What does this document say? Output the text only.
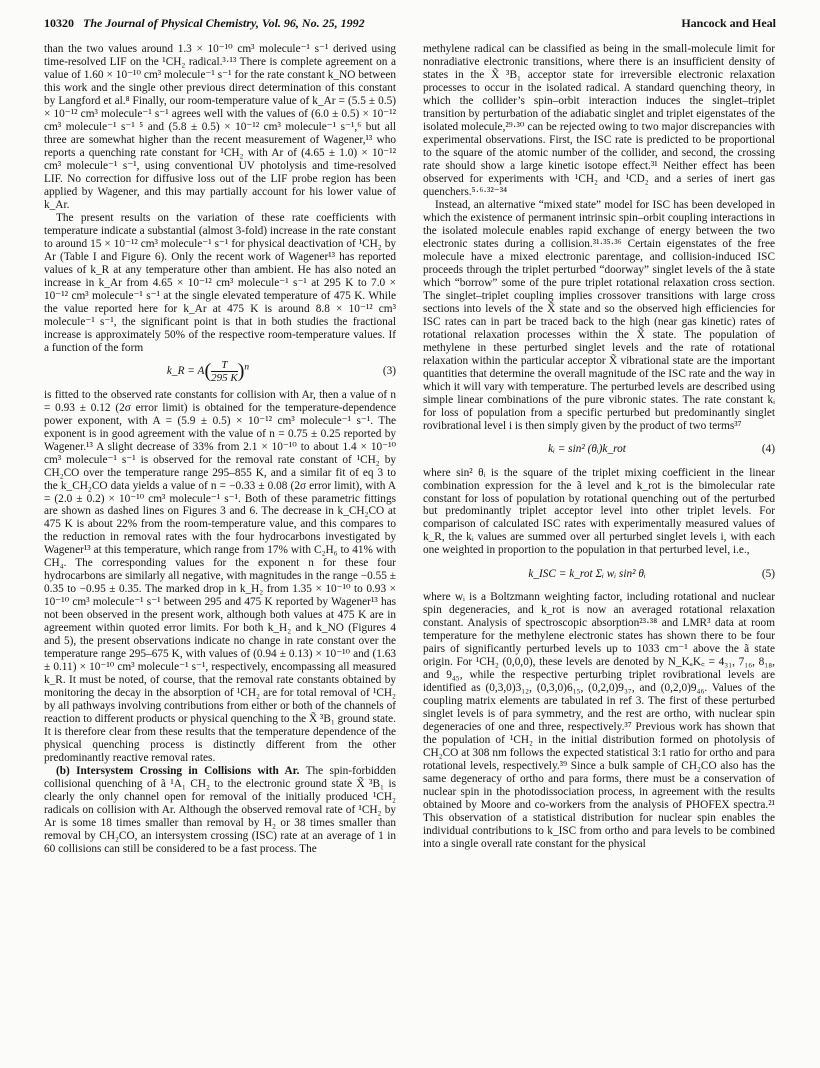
10320 The Journal of Physical Chemistry, Vol. 96, No. 25, 1992	Hancock and Heal

than the two values around 1.3 × 10⁻¹⁰ cm³ molecule⁻¹ s⁻¹ derived using time-resolved LIF on the ¹CH₂ radical.³·¹³ There is complete agreement on a value of 1.60 × 10⁻¹⁰ cm³ molecule⁻¹ s⁻¹ for the rate constant k_NO between this work and the single other previous direct determination of this constant by Langford et al.⁸ Finally, our room-temperature value of k_Ar = (5.5 ± 0.5) × 10⁻¹² cm³ molecule⁻¹ s⁻¹ agrees well with the values of (6.0 ± 0.5) × 10⁻¹² cm³ molecule⁻¹ s⁻¹ ⁵ and (5.8 ± 0.5) × 10⁻¹² cm³ molecule⁻¹ s⁻¹,⁶ but all three are somewhat higher than the recent measurement of Wagener,¹³ who reports a quenching rate constant for ¹CH₂ with Ar of (4.65 ± 1.0) × 10⁻¹² cm³ molecule⁻¹ s⁻¹, using conventional UV photolysis and time-resolved LIF. No correction for diffusive loss out of the LIF probe region has been applied by Wagener, and this may partially account for his lower value of k_Ar.

The present results on the variation of these rate coefficients with temperature indicate a substantial (almost 3-fold) increase in the rate constant to around 15 × 10⁻¹² cm³ molecule⁻¹ s⁻¹ for physical deactivation of ¹CH₂ by Ar (Table I and Figure 6). Only the recent work of Wagener¹³ has reported values of k_R at any temperature other than ambient. He has also noted an increase in k_Ar from 4.65 × 10⁻¹² cm³ molecule⁻¹ s⁻¹ at 295 K to 7.0 × 10⁻¹² cm³ molecule⁻¹ s⁻¹ at the single elevated temperature of 475 K. While the value reported here for k_Ar at 475 K is around 8.8 × 10⁻¹² cm³ molecule⁻¹ s⁻¹, the significant point is that in both studies the fractional increase is approximately 50% of the respective room-temperature values. If a function of the form

k_R = $A( \frac{T}{295 K} )^n$	(3)

is fitted to the observed rate constants for collision with Ar, then a value of n = 0.93 ± 0.12 (2σ error limit) is obtained for the temperature-dependence power exponent, with A = (5.9 ± 0.5) × 10⁻¹² cm³ molecule⁻¹ s⁻¹. The exponent is in good agreement with the value of n = 0.75 ± 0.25 reported by Wagener.¹³ A slight decrease of 33% from 2.1 × 10⁻¹⁰ to about 1.4 × 10⁻¹⁰ cm³ molecule⁻¹ s⁻¹ is observed for the removal rate constant of ¹CH₂ by CH₂CO over the temperature range 295–855 K, and a similar fit of eq 3 to the k_CH₂CO data yields a value of n = −0.33 ± 0.08 (2σ error limit), with A = (2.0 ± 0.2) × 10⁻¹⁰ cm³ molecule⁻¹ s⁻¹. Both of these parametric fittings are shown as dashed lines on Figures 3 and 6. The decrease in k_CH₂CO at 475 K is about 22% from the room-temperature value, and this compares to the reduction in removal rates with the four hydrocarbons investigated by Wagener¹³ at this temperature, which range from 17% with C₂H₆ to 41% with CH₄. The corresponding values for the exponent n for these four hydrocarbons are similarly all negative, with magnitudes in the range −0.55 ± 0.35 to −0.95 ± 0.35. The marked drop in k_H₂ from 1.35 × 10⁻¹⁰ to 0.93 × 10⁻¹⁰ cm³ molecule⁻¹ s⁻¹ between 295 and 475 K reported by Wagener¹³ has not been observed in the present work, although both values at 475 K are in agreement within quoted error limits. For both k_H₂ and k_NO (Figures 4 and 5), the present observations indicate no change in rate constant over the temperature range 295–675 K, with values of (0.94 ± 0.13) × 10⁻¹⁰ and (1.63 ± 0.11) × 10⁻¹⁰ cm³ molecule⁻¹ s⁻¹, respectively, encompassing all measured k_R. It must be noted, of course, that the removal rate constants obtained by monitoring the decay in the absorption of ¹CH₂ are for total removal of ¹CH₂ by all pathways involving contributions from either or both of the channels of reaction to different products or physical quenching to the X̃ ³B₁ ground state. It is therefore clear from these results that the temperature dependence of the physical quenching process is distinctly different from the other predominantly reactive removal rates.

(b) Intersystem Crossing in Collisions with Ar. The spin-forbidden collisional quenching of ã ¹A₁ CH₂ to the electronic ground state X̃ ³B₁ is clearly the only channel open for removal of the initially produced ¹CH₂ radicals on collision with Ar. Although the observed removal rate of ¹CH₂ by Ar is some 18 times smaller than removal by H₂ or 38 times smaller than removal by CH₂CO, an intersystem crossing (ISC) rate at an average of 1 in 60 collisions can still be considered to be a fast process. The

methylene radical can be classified as being in the small-molecule limit for nonradiative electronic transitions, where there is an insufficient density of states in the X̃ ³B₁ acceptor state for irreversible electronic relaxation processes to occur in the isolated radical. A standard quenching theory, in which the collider’s spin–orbit interaction induces the singlet–triplet transition by perturbation of the adiabatic singlet and triplet eigenstates of the isolated molecule,²⁹·³⁰ can be rejected owing to two major discrepancies with experimental observations. First, the ISC rate is predicted to be proportional to the square of the atomic number of the collider, and second, the crossing rate should show a large kinetic isotope effect.³¹ Neither effect has been observed for experiments with ¹CH₂ and ¹CD₂ and a series of inert gas quenchers.⁵·⁶·³²⁻³⁴

Instead, an alternative “mixed state” model for ISC has been developed in which the existence of permanent intrinsic spin–orbit coupling interactions in the isolated molecule enables rapid exchange of energy between the two electronic states during a collision.³¹·³⁵·³⁶ Certain eigenstates of the free molecule have a mixed electronic parentage, and collision-induced ISC proceeds through the triplet perturbed “doorway” singlet levels of the ã state which “borrow” some of the pure triplet rotational relaxation cross section. The singlet–triplet coupling implies crossover transitions with large cross sections into levels of the X̃ state and so the observed high efficiencies for ISC rates can in part be traced back to the high (near gas kinetic) rates of rotational relaxation processes within the X̃ state. The population of methylene in these perturbed singlet levels and the rate of rotational relaxation within the particular acceptor X̃ vibrational state are the important quantities that determine the overall magnitude of the ISC rate and the way in which it will vary with temperature. The perturbed levels are described using simple linear combinations of the pure vibronic states. The rate constant kᵢ for loss of population from a specific perturbed but predominantly singlet rovibrational level i is then simply given by the product of two terms³⁷

kᵢ = sin² (θᵢ)k_rot	(4)

where sin² θᵢ is the square of the triplet mixing coefficient in the linear combination expression for the ã level and k_rot is the bimolecular rate constant for loss of population by rotational quenching out of the perturbed but predominantly triplet acceptor level into other triplet levels. For comparison of calculated ISC rates with experimentally measured values of k_R, the kᵢ values are summed over all perturbed singlet levels i, with each one weighted in proportion to the population in that perturbed level, i.e.,

k_ISC = k_rot Σᵢ wᵢ sin² θᵢ	(5)

where wᵢ is a Boltzmann weighting factor, including rotational and nuclear spin degeneracies, and k_rot is now an averaged rotational relaxation constant. Analysis of spectroscopic absorption²³·³⁸ and LMR³ data at room temperature for the methylene electronic states has shown there to be four pairs of significantly perturbed levels up to 1033 cm⁻¹ above the ã state origin. For ¹CH₂ (0,0,0), these levels are denoted by N_KₐK꜀ = 4₃₁, 7₁₆, 8₁₈, and 9₄₅, while the respective perturbing triplet rovibrational levels are identified as (0,3,0)3₁₂, (0,3,0)6₁₅, (0,2,0)9₃₇, and (0,2,0)9₄₆. Values of the coupling matrix elements are tabulated in ref 3. The first of these perturbed singlet levels is of para symmetry, and the rest are ortho, with nuclear spin degeneracies of one and three, respectively.³⁷ Previous work has shown that the population of ¹CH₂ in the initial distribution formed on photolysis of CH₂CO at 308 nm follows the expected statistical 3:1 ratio for ortho and para rotational levels, respectively.³⁹ Since a bulk sample of CH₂CO also has the same degeneracy of ortho and para forms, there must be a conservation of nuclear spin in the photodissociation process, in agreement with the results obtained by Moore and co-workers from the analysis of PHOFEX spectra.²¹ This observation of a statistical distribution for nuclear spin enables the individual contributions to k_ISC from ortho and para levels to be combined into a single overall rate constant for the physical
